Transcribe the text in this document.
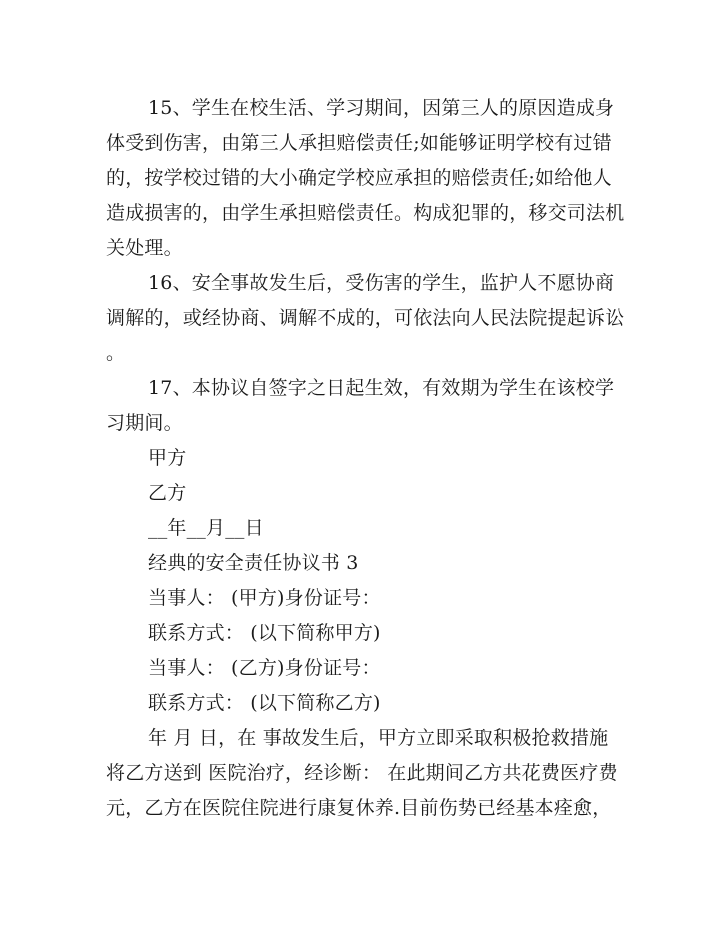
15、学生在校生活、学习期间，因第三人的原因造成身
体受到伤害，由第三人承担赔偿责任;如能够证明学校有过错
的，按学校过错的大小确定学校应承担的赔偿责任;如给他人
造成损害的，由学生承担赔偿责任。构成犯罪的，移交司法机
关处理。
16、安全事故发生后，受伤害的学生，监护人不愿协商
调解的，或经协商、调解不成的，可依法向人民法院提起诉讼
。
17、本协议自签字之日起生效，有效期为学生在该校学
习期间。
甲方
乙方
__年__月__日
经典的安全责任协议书 3
当事人： (甲方)身份证号：
联系方式： (以下简称甲方)
当事人： (乙方)身份证号：
联系方式： (以下简称乙方)
年 月 日，在 事故发生后，甲方立即采取积极抢救措施
将乙方送到 医院治疗，经诊断： 在此期间乙方共花费医疗费
元，乙方在医院住院进行康复休养.目前伤势已经基本痊愈，
